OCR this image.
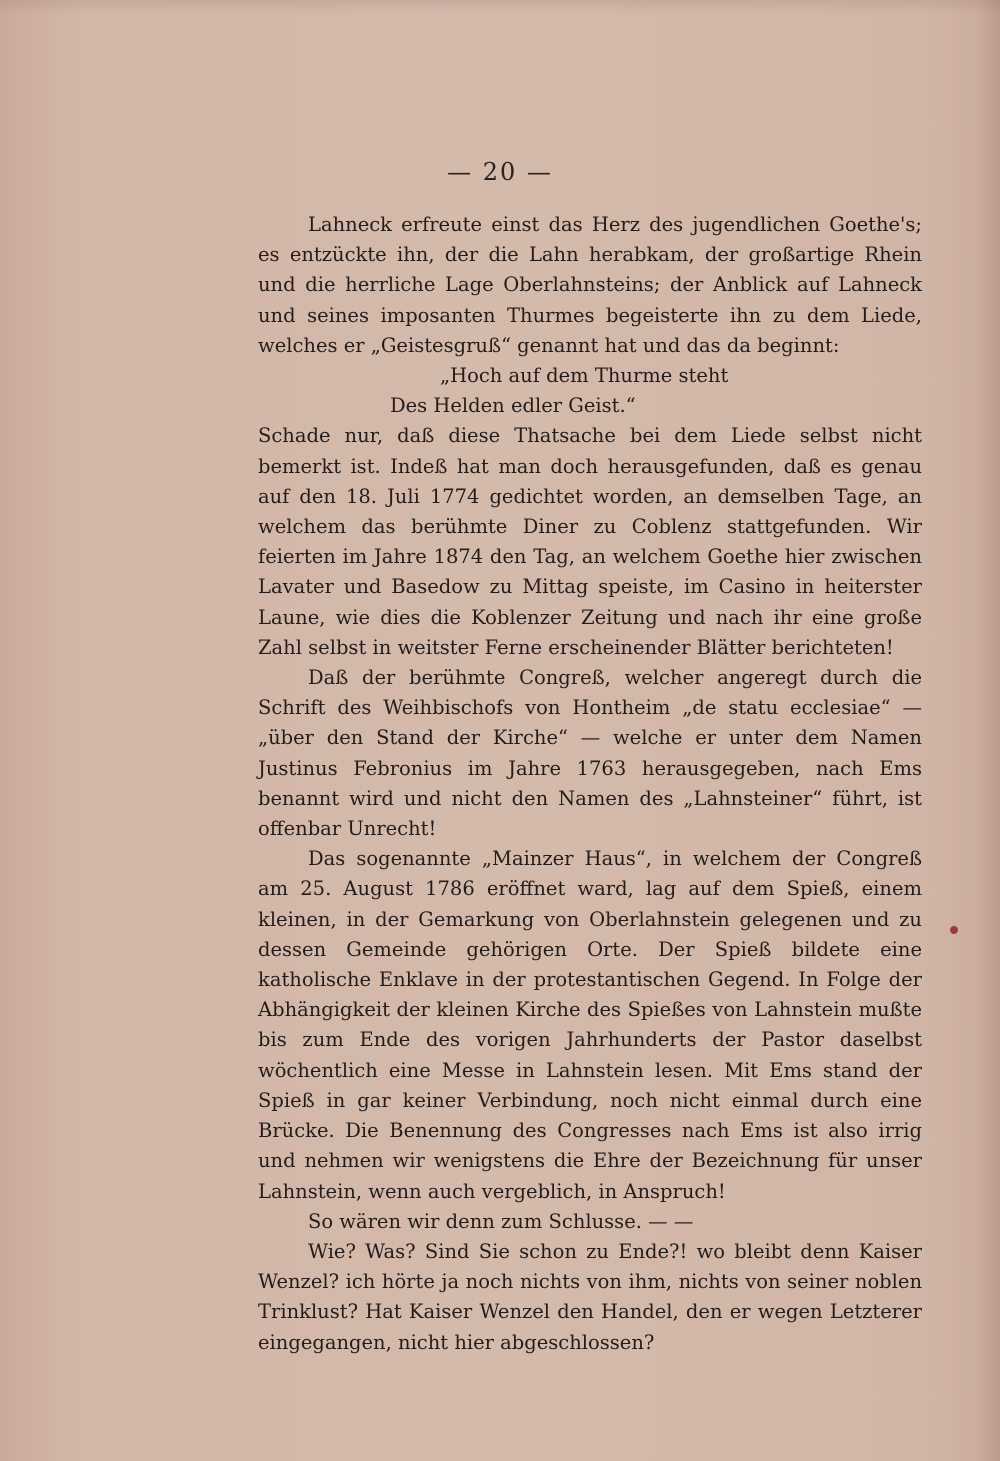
— 20 —

Lahneck erfreute einst das Herz des jugendlichen Goethe's; es entzückte ihn, der die Lahn herabkam, der großartige Rhein und die herrliche Lage Oberlahnsteins; der Anblick auf Lahneck und seines imposanten Thurmes begeisterte ihn zu dem Liede, welches er „Geistesgruß“ genannt hat und das da beginnt:

„Hoch auf dem Thurme steht
Des Helden edler Geist.“

Schade nur, daß diese Thatsache bei dem Liede selbst nicht bemerkt ist. Indeß hat man doch herausgefunden, daß es genau auf den 18. Juli 1774 gedichtet worden, an demselben Tage, an welchem das berühmte Diner zu Coblenz stattgefunden. Wir feierten im Jahre 1874 den Tag, an welchem Goethe hier zwischen Lavater und Basedow zu Mittag speiste, im Casino in heiterster Laune, wie dies die Koblenzer Zeitung und nach ihr eine große Zahl selbst in weitster Ferne erscheinender Blätter berichteten!

Daß der berühmte Congreß, welcher angeregt durch die Schrift des Weihbischofs von Hontheim „de statu ecclesiae“ — „über den Stand der Kirche“ — welche er unter dem Namen Justinus Febronius im Jahre 1763 herausgegeben, nach Ems benannt wird und nicht den Namen des „Lahnsteiner“ führt, ist offenbar Unrecht!

Das sogenannte „Mainzer Haus“, in welchem der Congreß am 25. August 1786 eröffnet ward, lag auf dem Spieß, einem kleinen, in der Gemarkung von Oberlahnstein gelegenen und zu dessen Gemeinde gehörigen Orte. Der Spieß bildete eine katholische Enklave in der protestantischen Gegend. In Folge der Abhängigkeit der kleinen Kirche des Spießes von Lahnstein mußte bis zum Ende des vorigen Jahrhunderts der Pastor daselbst wöchentlich eine Messe in Lahnstein lesen. Mit Ems stand der Spieß in gar keiner Verbindung, noch nicht einmal durch eine Brücke. Die Benennung des Congresses nach Ems ist also irrig und nehmen wir wenigstens die Ehre der Bezeichnung für unser Lahnstein, wenn auch vergeblich, in Anspruch!

So wären wir denn zum Schlusse. — —

Wie? Was? Sind Sie schon zu Ende?! wo bleibt denn Kaiser Wenzel? ich hörte ja noch nichts von ihm, nichts von seiner noblen Trinklust? Hat Kaiser Wenzel den Handel, den er wegen Letzterer eingegangen, nicht hier abgeschlossen?
